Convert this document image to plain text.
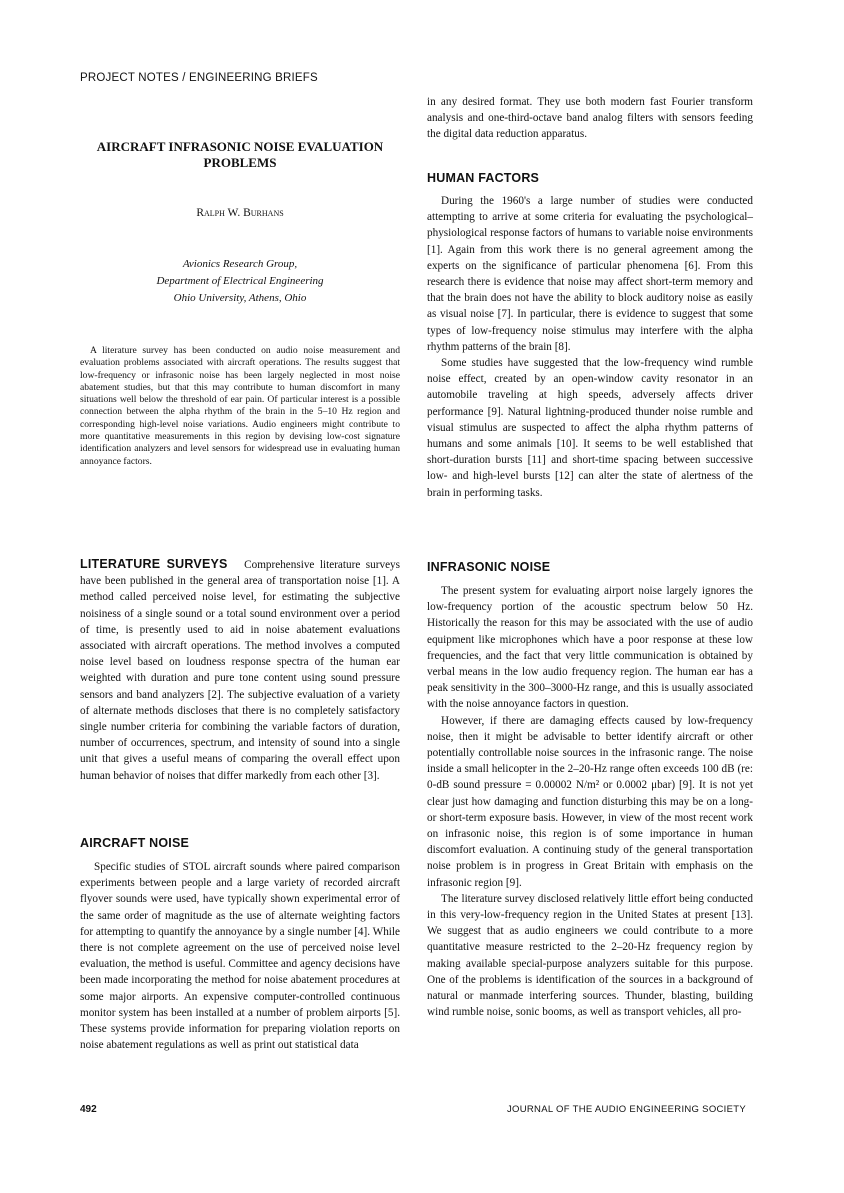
PROJECT NOTES / ENGINEERING BRIEFS
AIRCRAFT INFRASONIC NOISE EVALUATION
PROBLEMS
Ralph W. Burhans
Avionics Research Group,
Department of Electrical Engineering
Ohio University, Athens, Ohio

A literature survey has been conducted on audio noise measurement and evaluation problems associated with aircraft operations. The results suggest that low-frequency or infrasonic noise has been largely neglected in most noise abatement studies, but that this may contribute to human discomfort in many situations well below the threshold of ear pain. Of particular interest is a possible connection between the alpha rhythm of the brain in the 5–10 Hz region and corresponding high-level noise variations. Audio engineers might contribute to more quantitative measurements in this region by devising low-cost signature identification analyzers and level sensors for widespread use in evaluating human annoyance factors.

LITERATURE SURVEYS Comprehensive literature surveys have been published in the general area of transportation noise [1]. A method called perceived noise level, for estimating the subjective noisiness of a single sound or a total sound environment over a period of time, is presently used to aid in noise abatement evaluations associated with aircraft operations. The method involves a computed noise level based on loudness response spectra of the human ear weighted with duration and pure tone content using sound pressure sensors and band analyzers [2]. The subjective evaluation of a variety of alternate methods discloses that there is no completely satisfactory single number criteria for combining the variable factors of duration, number of occurrences, spectrum, and intensity of sound into a single unit that gives a useful means of comparing the overall effect upon human behavior of noises that differ markedly from each other [3].

AIRCRAFT NOISE

Specific studies of STOL aircraft sounds where paired comparison experiments between people and a large variety of recorded aircraft flyover sounds were used, have typically shown experimental error of the same order of magnitude as the use of alternate weighting factors for attempting to quantify the annoyance by a single number [4]. While there is not complete agreement on the use of perceived noise level evaluation, the method is useful. Committee and agency decisions have been made incorporating the method for noise abatement procedures at some major airports. An expensive computer-controlled continuous monitor system has been installed at a number of problem airports [5]. These systems provide information for preparing violation reports on noise abatement regulations as well as print out statistical data

in any desired format. They use both modern fast Fourier transform analysis and one-third-octave band analog filters with sensors feeding the digital data reduction apparatus.

HUMAN FACTORS

During the 1960's a large number of studies were conducted attempting to arrive at some criteria for evaluating the psychological–physiological response factors of humans to variable noise environments [1]. Again from this work there is no general agreement among the experts on the significance of particular phenomena [6]. From this research there is evidence that noise may affect short-term memory and that the brain does not have the ability to block auditory noise as easily as visual noise [7]. In particular, there is evidence to suggest that some types of low-frequency noise stimulus may interfere with the alpha rhythm patterns of the brain [8].

Some studies have suggested that the low-frequency wind rumble noise effect, created by an open-window cavity resonator in an automobile traveling at high speeds, adversely affects driver performance [9]. Natural lightning-produced thunder noise rumble and visual stimulus are suspected to affect the alpha rhythm patterns of humans and some animals [10]. It seems to be well established that short-duration bursts [11] and short-time spacing between successive low- and high-level bursts [12] can alter the state of alertness of the brain in performing tasks.

INFRASONIC NOISE

The present system for evaluating airport noise largely ignores the low-frequency portion of the acoustic spectrum below 50 Hz. Historically the reason for this may be associated with the use of audio equipment like microphones which have a poor response at these low frequencies, and the fact that very little communication is obtained by verbal means in the low audio frequency region. The human ear has a peak sensitivity in the 300–3000-Hz range, and this is usually associated with the noise annoyance factors in question.

However, if there are damaging effects caused by low-frequency noise, then it might be advisable to better identify aircraft or other potentially controllable noise sources in the infrasonic range. The noise inside a small helicopter in the 2–20-Hz range often exceeds 100 dB (re: 0-dB sound pressure = 0.00002 N/m² or 0.0002 μbar) [9]. It is not yet clear just how damaging and function disturbing this may be on a long- or short-term exposure basis. However, in view of the most recent work on infrasonic noise, this region is of some importance in human discomfort evaluation. A continuing study of the general transportation noise problem is in progress in Great Britain with emphasis on the infrasonic region [9].

The literature survey disclosed relatively little effort being conducted in this very-low-frequency region in the United States at present [13]. We suggest that as audio engineers we could contribute to a more quantitative measure restricted to the 2–20-Hz frequency region by making available special-purpose analyzers suitable for this purpose. One of the problems is identification of the sources in a background of natural or manmade interfering sources. Thunder, blasting, building wind rumble noise, sonic booms, as well as transport vehicles, all pro-

492	JOURNAL OF THE AUDIO ENGINEERING SOCIETY
